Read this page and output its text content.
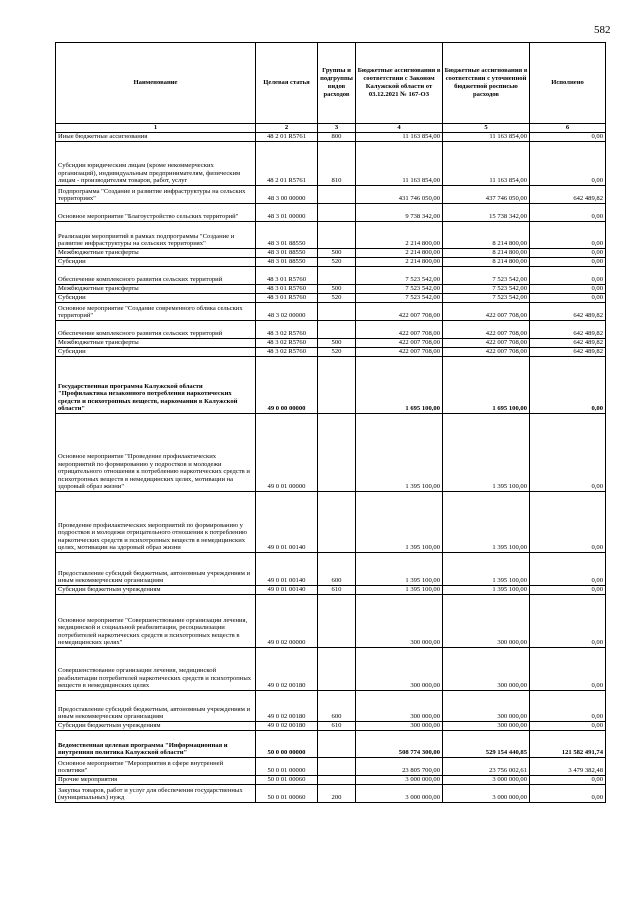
582
Наименование	Целевая статья	Группы и подгруппы видов расходов	Бюджетные ассигнования в соответствии с Законом Калужской области от 03.12.2021 № 167-ОЗ	Бюджетные ассигнования в соответствии с уточненной бюджетной росписью расходов	Исполнено
1	2	3	4	5	6
Иные бюджетные ассигнования	48 2 01 R5761	800	11 163 854,00	11 163 854,00	0,00
Субсидии юридическим лицам (кроме некоммерческих организаций), индивидуальным предпринимателям, физическим лицам - производителям товаров, работ, услуг	48 2 01 R5761	810	11 163 854,00	11 163 854,00	0,00
Подпрограмма "Создание и развитие инфраструктуры на сельских территориях"	48 3 00 00000		431 746 050,00	437 746 050,00	642 489,82
Основное мероприятие "Благоустройство сельских территорий"	48 3 01 00000		9 738 342,00	15 738 342,00	0,00
Реализация мероприятий в рамках подпрограммы "Создание и развитие инфраструктуры на сельских территориях"	48 3 01 88550		2 214 800,00	8 214 800,00	0,00
Межбюджетные трансферты	48 3 01 88550	500	2 214 800,00	8 214 800,00	0,00
Субсидии	48 3 01 88550	520	2 214 800,00	8 214 800,00	0,00
Обеспечение комплексного развития сельских территорий	48 3 01 R5760		7 523 542,00	7 523 542,00	0,00
Межбюджетные трансферты	48 3 01 R5760	500	7 523 542,00	7 523 542,00	0,00
Субсидии	48 3 01 R5760	520	7 523 542,00	7 523 542,00	0,00
Основное мероприятие "Создание современного облика сельских территорий"	48 3 02 00000		422 007 708,00	422 007 708,00	642 489,82
Обеспечение комплексного развития сельских территорий	48 3 02 R5760		422 007 708,00	422 007 708,00	642 489,82
Межбюджетные трансферты	48 3 02 R5760	500	422 007 708,00	422 007 708,00	642 489,82
Субсидии	48 3 02 R5760	520	422 007 708,00	422 007 708,00	642 489,82
Государственная программа Калужской области "Профилактика незаконного потребления наркотических средств и психотропных веществ, наркомании в Калужской области"	49 0 00 00000		1 695 100,00	1 695 100,00	0,00
Основное мероприятие "Проведение профилактических мероприятий по формированию у подростков и молодежи отрицательного отношения к потреблению наркотических средств и психотропных веществ в немедицинских целях, мотивации на здоровый образ жизни"	49 0 01 00000		1 395 100,00	1 395 100,00	0,00
Проведение профилактических мероприятий по формированию у подростков и молодежи отрицательного отношения к потреблению наркотических средств и психотропных веществ в немедицинских целях, мотивации на здоровый образ жизни	49 0 01 00140		1 395 100,00	1 395 100,00	0,00
Предоставление субсидий бюджетным, автономным учреждениям и иным некоммерческим организациям	49 0 01 00140	600	1 395 100,00	1 395 100,00	0,00
Субсидии бюджетным учреждениям	49 0 01 00140	610	1 395 100,00	1 395 100,00	0,00
Основное мероприятие "Совершенствование организации лечения, медицинской и социальной реабилитации, ресоциализации потребителей наркотических средств и психотропных веществ в немедицинских целях"	49 0 02 00000		300 000,00	300 000,00	0,00
Совершенствование организации лечения, медицинской реабилитации потребителей наркотических средств и психотропных веществ в немедицинских целях	49 0 02 00180		300 000,00	300 000,00	0,00
Предоставление субсидий бюджетным, автономным учреждениям и иным некоммерческим организациям	49 0 02 00180	600	300 000,00	300 000,00	0,00
Субсидии бюджетным учреждениям	49 0 02 00180	610	300 000,00	300 000,00	0,00
Ведомственная целевая программа "Информационная и внутренняя политика Калужской области"	50 0 00 00000		508 774 300,00	529 154 440,85	121 582 491,74
Основное мероприятие "Мероприятия в сфере внутренней политики"	50 0 01 00000		23 805 700,00	23 756 002,61	3 479 382,48
Прочие мероприятия	50 0 01 00060		3 000 000,00	3 000 000,00	0,00
Закупка товаров, работ и услуг для обеспечения государственных (муниципальных) нужд	50 0 01 00060	200	3 000 000,00	3 000 000,00	0,00
